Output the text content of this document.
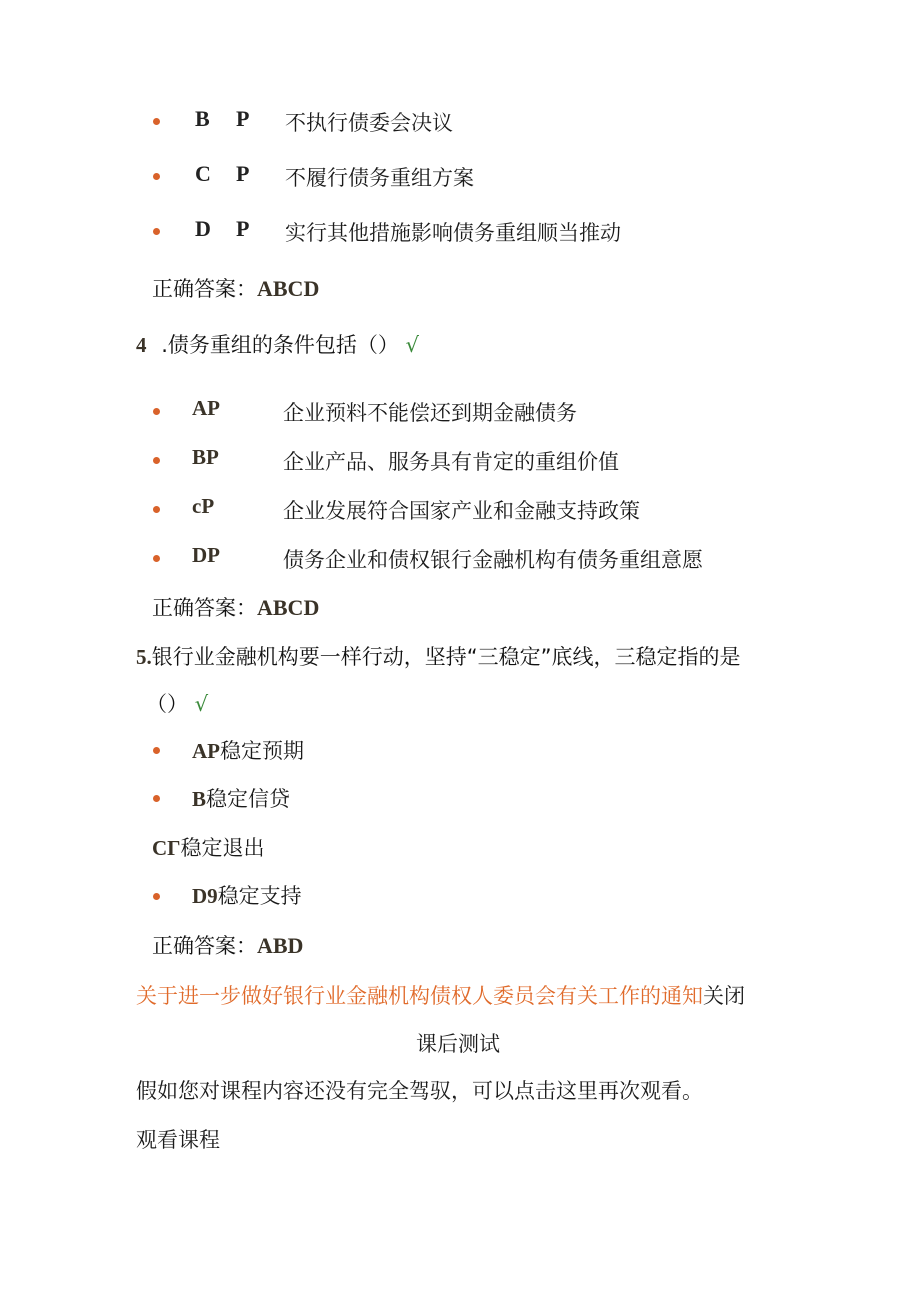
B P 不执行债委会决议
C P 不履行债务重组方案
D P 实行其他措施影响债务重组顺当推动
正确答案：ABCD
4 .债务重组的条件包括（） √
AP	企业预料不能偿还到期金融债务
BP	企业产品、服务具有肯定的重组价值
cP	企业发展符合国家产业和金融支持政策
DP	债务企业和债权银行金融机构有债务重组意愿
正确答案：ABCD
5.银行业金融机构要一样行动，坚持“三稳定”底线，三稳定指的是
（） √
AP稳定预期
B稳定信贷
CΓ稳定退出
D9稳定支持
正确答案：ABD
关于进一步做好银行业金融机构债权人委员会有关工作的通知关闭
课后测试
假如您对课程内容还没有完全驾驭，可以点击这里再次观看。
观看课程
